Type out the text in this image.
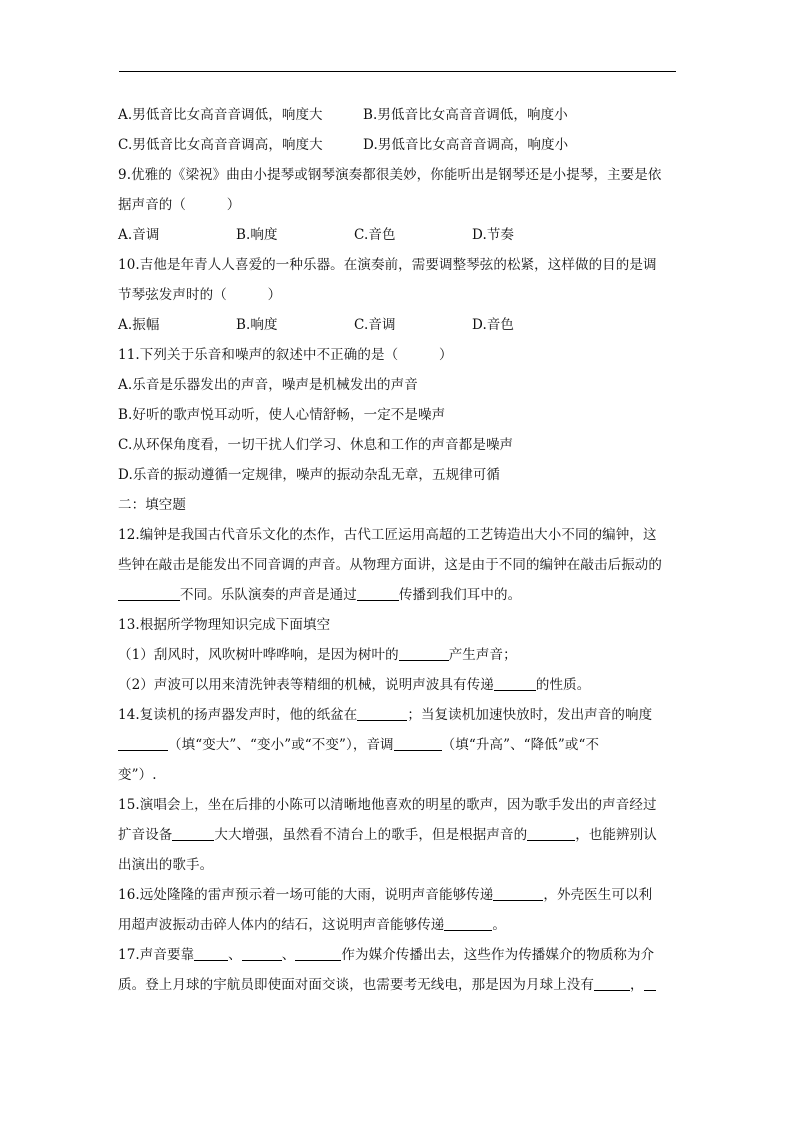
A.男低音比女高音音调低，响度大	B.男低音比女高音音调低，响度小
C.男低音比女高音音调高，响度大	D.男低音比女高音音调高，响度小
9.优雅的《梁祝》曲由小提琴或钢琴演奏都很美妙，你能听出是钢琴还是小提琴，主要是依
据声音的（　　　）
A.音调	B.响度	C.音色	D.节奏
10.吉他是年青人人喜爱的一种乐器。在演奏前，需要调整琴弦的松紧，这样做的目的是调
节琴弦发声时的（　　　）
A.振幅	B.响度	C.音调	D.音色
11.下列关于乐音和噪声的叙述中不正确的是（　　　）
A.乐音是乐器发出的声音，噪声是机械发出的声音
B.好听的歌声悦耳动听，使人心情舒畅，一定不是噪声
C.从环保角度看，一切干扰人们学习、休息和工作的声音都是噪声
D.乐音的振动遵循一定规律，噪声的振动杂乱无章，五规律可循
二：填空题
12.编钟是我国古代音乐文化的杰作，古代工匠运用高超的工艺铸造出大小不同的编钟，这
些钟在敲击是能发出不同音调的声音。从物理方面讲，这是由于不同的编钟在敲击后振动的
不同。乐队演奏的声音是通过	传播到我们耳中的。
13.根据所学物理知识完成下面填空
（1）刮风时，风吹树叶哗哗响，是因为树叶的	产生声音；
（2）声波可以用来清洗钟表等精细的机械，说明声波具有传递	的性质。
14.复读机的扬声器发声时，他的纸盆在	；当复读机加速快放时，发出声音的响度
（填“变大”、“变小”或“不变”），音调	（填“升高”、“降低”或“不
变”）.
15.演唱会上，坐在后排的小陈可以清晰地他喜欢的明星的歌声，因为歌手发出的声音经过
扩音设备	大大增强，虽然看不清台上的歌手，但是根据声音的	，也能辨别认
出演出的歌手。
16.远处隆隆的雷声预示着一场可能的大雨，说明声音能够传递	，外壳医生可以利
用超声波振动击碎人体内的结石，这说明声音能够传递	。
17.声音要靠	、	、	作为媒介传播出去，这些作为传播媒介的物质称为介
质。登上月球的宇航员即使面对面交谈，也需要考无线电，那是因为月球上没有	，
